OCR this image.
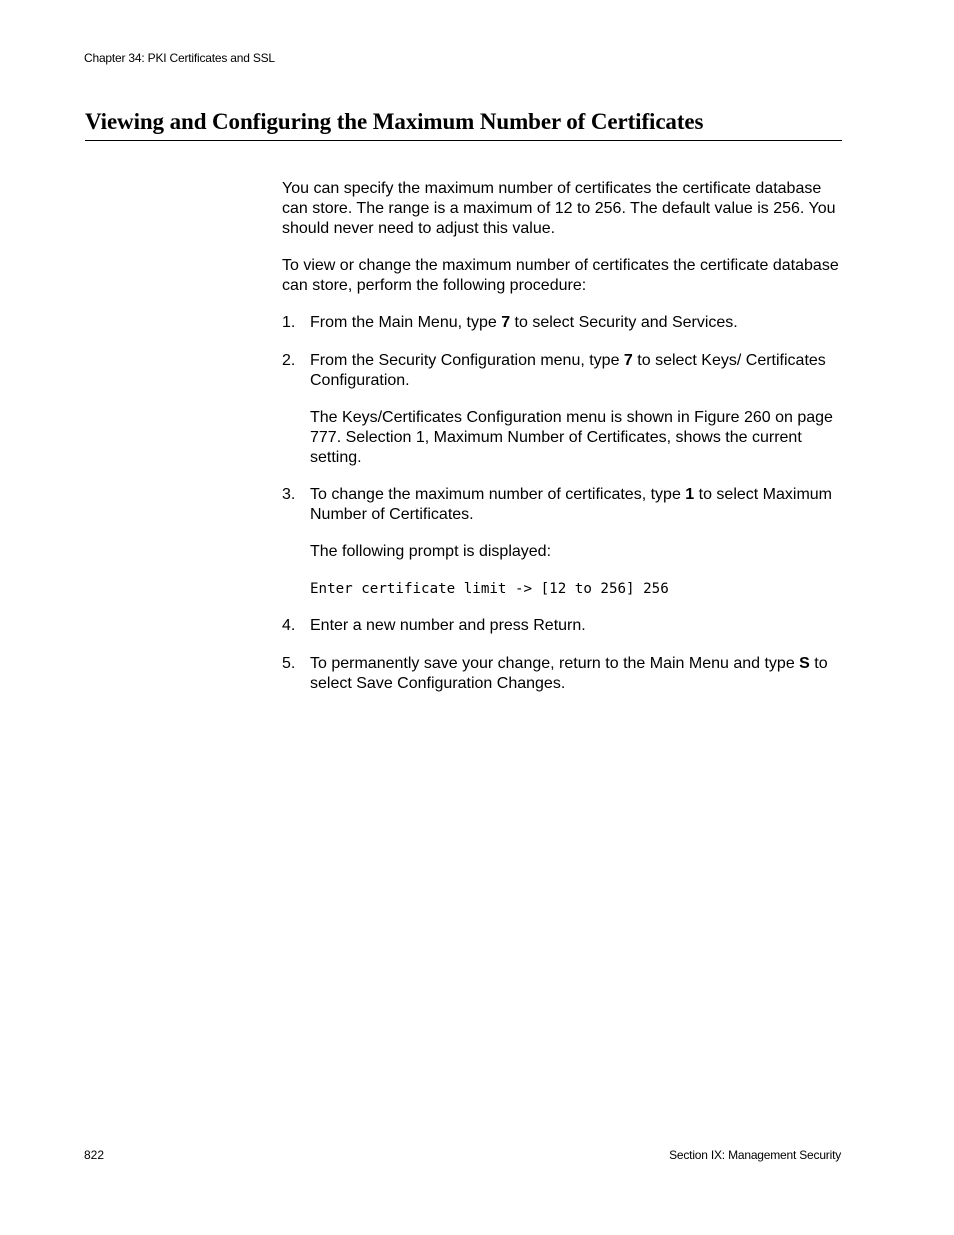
Chapter 34: PKI Certificates and SSL
Viewing and Configuring the Maximum Number of Certificates

You can specify the maximum number of certificates the certificate database can store. The range is a maximum of 12 to 256. The default value is 256. You should never need to adjust this value.

To view or change the maximum number of certificates the certificate database can store, perform the following procedure:

1. From the Main Menu, type 7 to select Security and Services.

2. From the Security Configuration menu, type 7 to select Keys/ Certificates Configuration.

The Keys/Certificates Configuration menu is shown in Figure 260 on page 777. Selection 1, Maximum Number of Certificates, shows the current setting.

3. To change the maximum number of certificates, type 1 to select Maximum Number of Certificates.

The following prompt is displayed:

Enter certificate limit -> [12 to 256] 256

4. Enter a new number and press Return.

5. To permanently save your change, return to the Main Menu and type S to select Save Configuration Changes.

822	Section IX: Management Security
